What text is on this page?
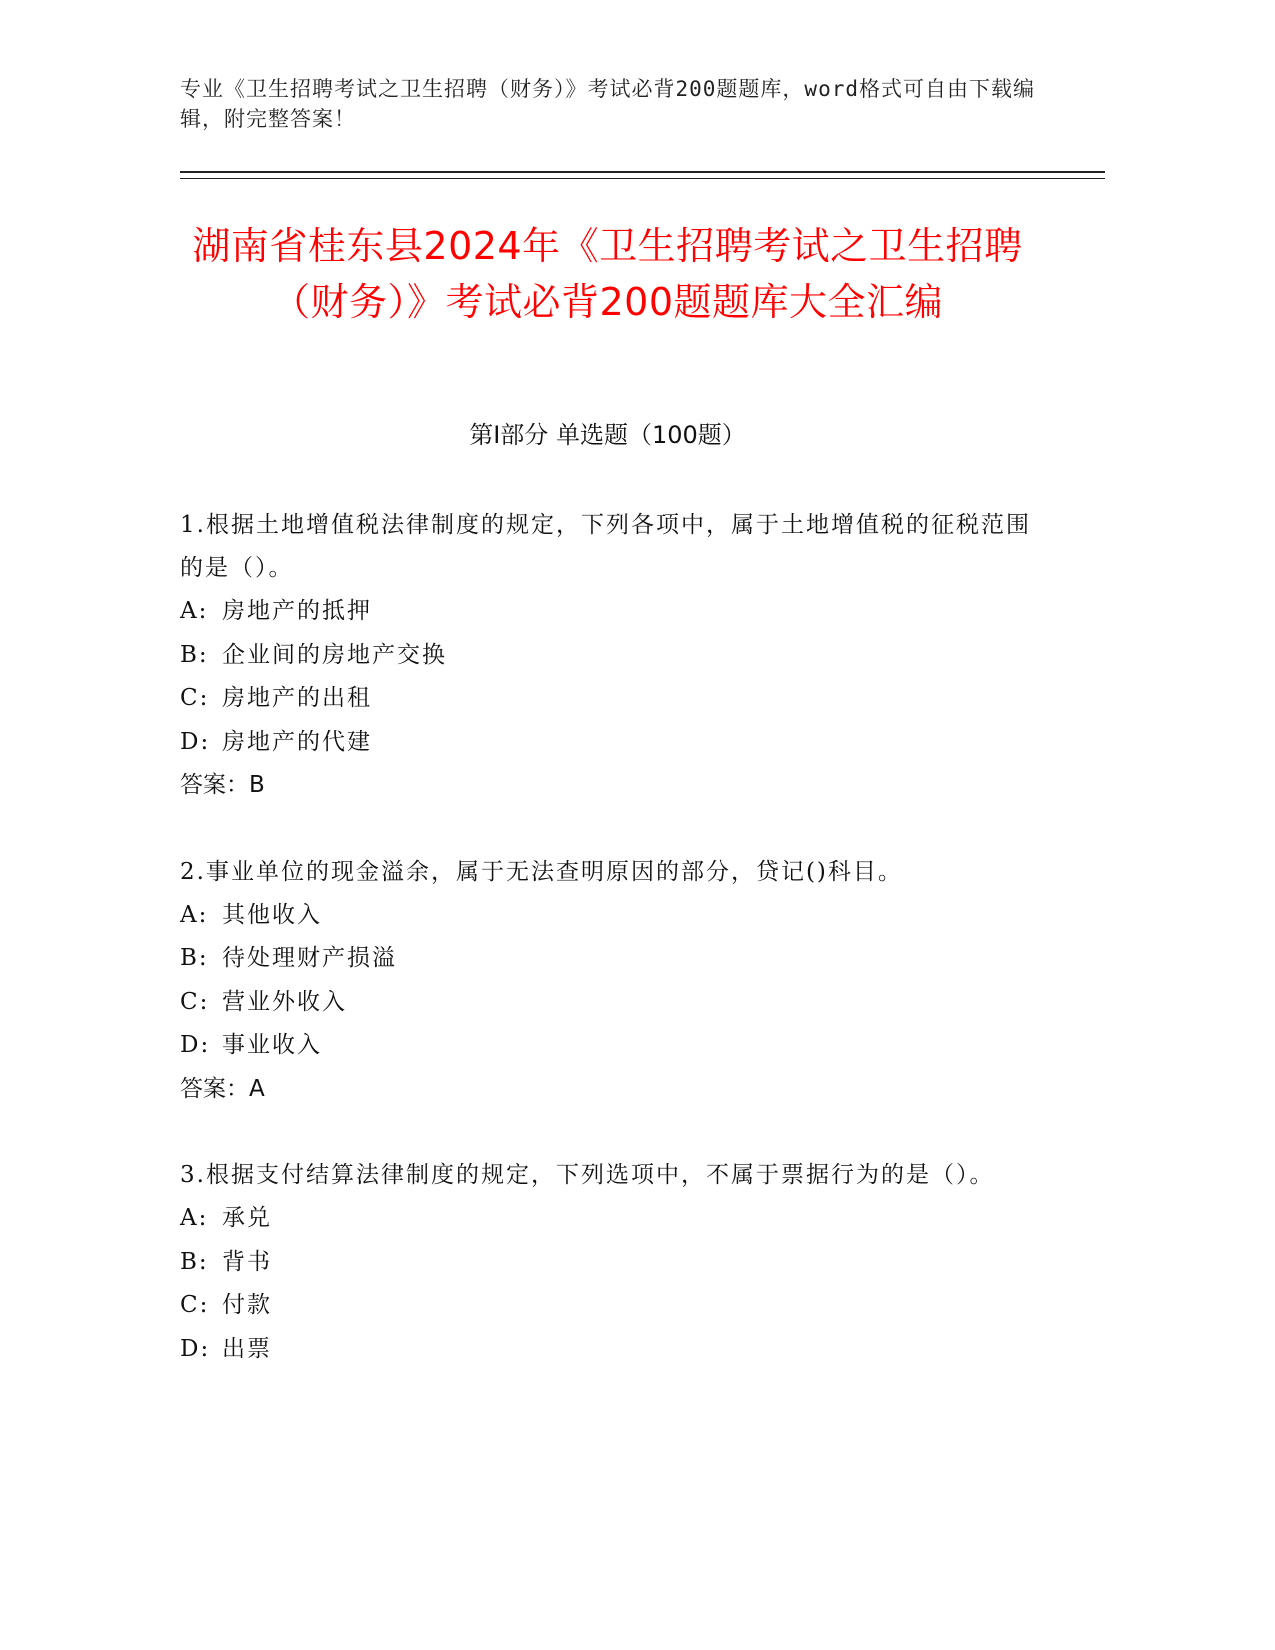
专业《卫生招聘考试之卫生招聘（财务）》考试必背200题题库，word格式可自由下载编辑，附完整答案！
湖南省桂东县2024年《卫生招聘考试之卫生招聘（财务）》考试必背200题题库大全汇编
第Ⅰ部分 单选题（100题）

1.根据土地增值税法律制度的规定，下列各项中，属于土地增值税的征税范围的是（）。

A: 房地产的抵押

B: 企业间的房地产交换

C: 房地产的出租

D: 房地产的代建

答案：B

2.事业单位的现金溢余，属于无法查明原因的部分，贷记()科目。

A: 其他收入

B: 待处理财产损溢

C: 营业外收入

D: 事业收入

答案：A

3.根据支付结算法律制度的规定，下列选项中，不属于票据行为的是（）。

A: 承兑

B: 背书

C: 付款

D: 出票
